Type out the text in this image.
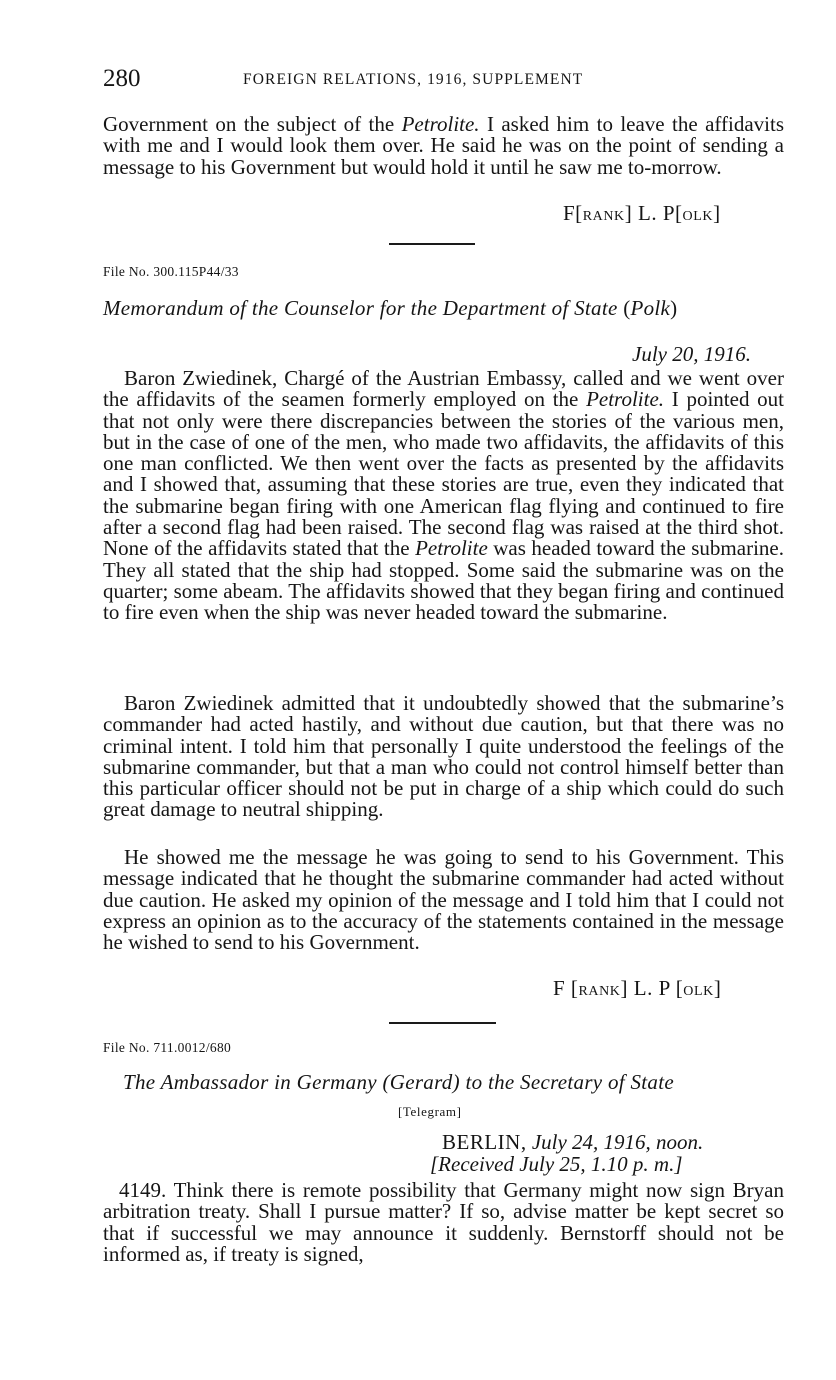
280	FOREIGN RELATIONS, 1916, SUPPLEMENT

Government on the subject of the Petrolite. I asked him to leave the affidavits with me and I would look them over. He said he was on the point of sending a message to his Government but would hold it until he saw me to-morrow.

F[RANK] L. P[OLK]
File No. 300.115P44/33
Memorandum of the Counselor for the Department of State (Polk)
July 20, 1916.

Baron Zwiedinek, Chargé of the Austrian Embassy, called and we went over the affidavits of the seamen formerly employed on the Petrolite. I pointed out that not only were there discrepancies between the stories of the various men, but in the case of one of the men, who made two affidavits, the affidavits of this one man conflicted. We then went over the facts as presented by the affidavits and I showed that, assuming that these stories are true, even they indicated that the submarine began firing with one American flag flying and continued to fire after a second flag had been raised. The second flag was raised at the third shot. None of the affidavits stated that the Petrolite was headed toward the submarine. They all stated that the ship had stopped. Some said the submarine was on the quarter; some abeam. The affidavits showed that they began firing and continued to fire even when the ship was never headed toward the submarine.

Baron Zwiedinek admitted that it undoubtedly showed that the submarine’s commander had acted hastily, and without due caution, but that there was no criminal intent. I told him that personally I quite understood the feelings of the submarine commander, but that a man who could not control himself better than this particular officer should not be put in charge of a ship which could do such great damage to neutral shipping.

He showed me the message he was going to send to his Government. This message indicated that he thought the submarine commander had acted without due caution. He asked my opinion of the message and I told him that I could not express an opinion as to the accuracy of the statements contained in the message he wished to send to his Government.

F [RANK] L. P [OLK]
File No. 711.0012/680
The Ambassador in Germany (Gerard) to the Secretary of State
[Telegram]
BERLIN, July 24, 1916, noon.
[Received July 25, 1.10 p. m.]

4149. Think there is remote possibility that Germany might now sign Bryan arbitration treaty. Shall I pursue matter? If so, advise matter be kept secret so that if successful we may announce it suddenly. Bernstorff should not be informed as, if treaty is signed,
